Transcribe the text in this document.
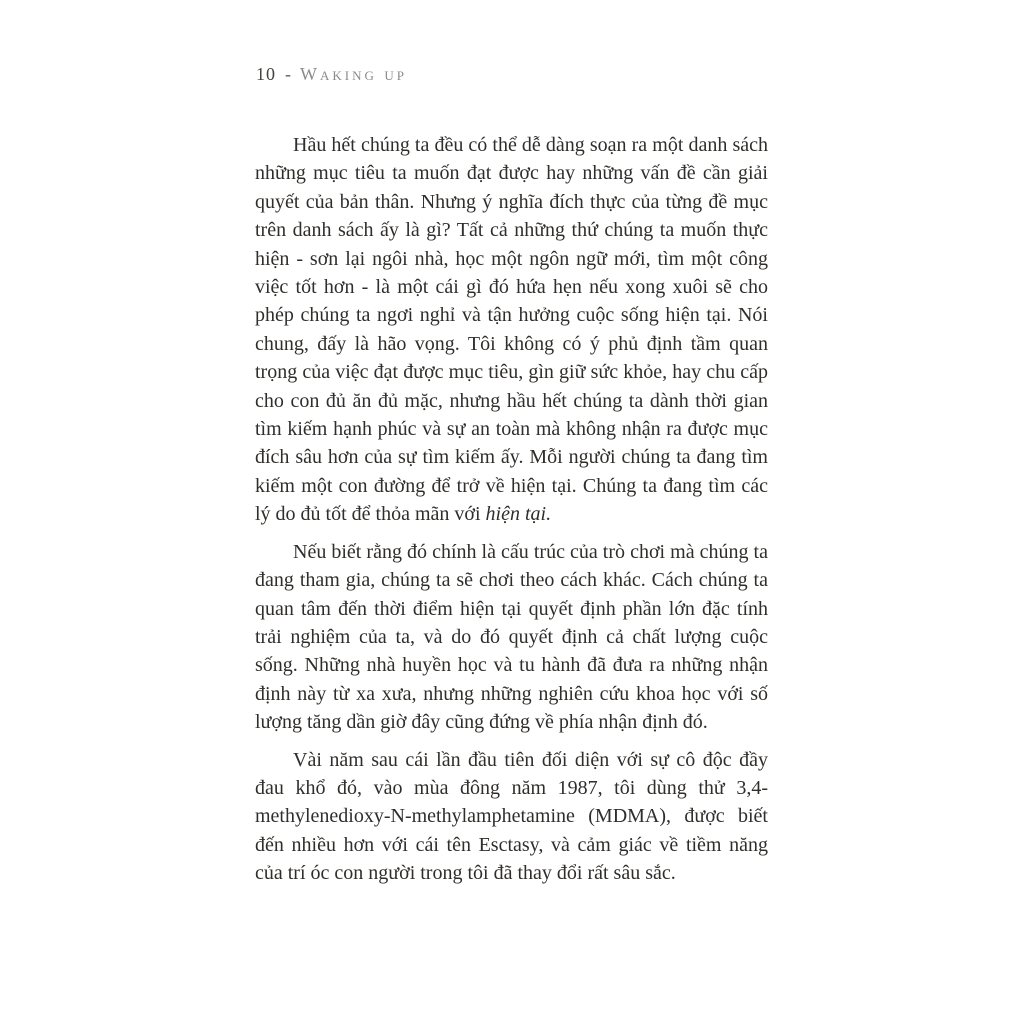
10 - Waking up

Hầu hết chúng ta đều có thể dễ dàng soạn ra một danh sách những mục tiêu ta muốn đạt được hay những vấn đề cần giải quyết của bản thân. Nhưng ý nghĩa đích thực của từng đề mục trên danh sách ấy là gì? Tất cả những thứ chúng ta muốn thực hiện - sơn lại ngôi nhà, học một ngôn ngữ mới, tìm một công việc tốt hơn - là một cái gì đó hứa hẹn nếu xong xuôi sẽ cho phép chúng ta ngơi nghỉ và tận hưởng cuộc sống hiện tại. Nói chung, đấy là hão vọng. Tôi không có ý phủ định tầm quan trọng của việc đạt được mục tiêu, gìn giữ sức khỏe, hay chu cấp cho con đủ ăn đủ mặc, nhưng hầu hết chúng ta dành thời gian tìm kiếm hạnh phúc và sự an toàn mà không nhận ra được mục đích sâu hơn của sự tìm kiếm ấy. Mỗi người chúng ta đang tìm kiếm một con đường để trở về hiện tại. Chúng ta đang tìm các lý do đủ tốt để thỏa mãn với hiện tại.

Nếu biết rằng đó chính là cấu trúc của trò chơi mà chúng ta đang tham gia, chúng ta sẽ chơi theo cách khác. Cách chúng ta quan tâm đến thời điểm hiện tại quyết định phần lớn đặc tính trải nghiệm của ta, và do đó quyết định cả chất lượng cuộc sống. Những nhà huyền học và tu hành đã đưa ra những nhận định này từ xa xưa, nhưng những nghiên cứu khoa học với số lượng tăng dần giờ đây cũng đứng về phía nhận định đó.

Vài năm sau cái lần đầu tiên đối diện với sự cô độc đầy đau khổ đó, vào mùa đông năm 1987, tôi dùng thử 3,4-methylenedioxy-N-methylamphetamine (MDMA), được biết đến nhiều hơn với cái tên Esctasy, và cảm giác về tiềm năng của trí óc con người trong tôi đã thay đổi rất sâu sắc.
